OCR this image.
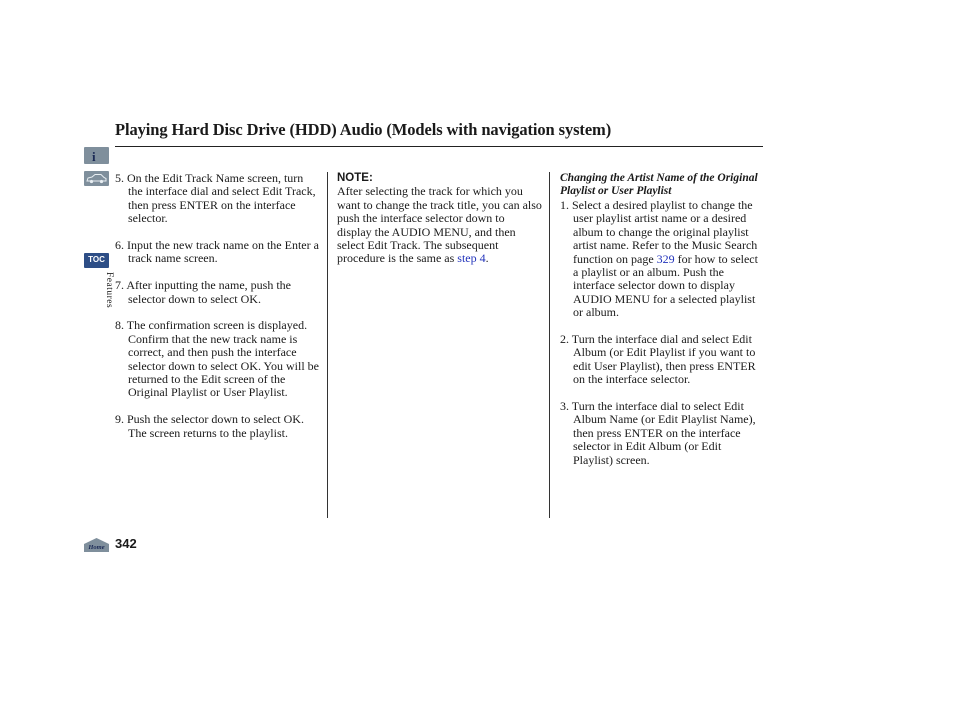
Playing Hard Disc Drive (HDD) Audio (Models with navigation system)
i
TOC
Features
5. On the Edit Track Name screen, turn the interface dial and select Edit Track, then press ENTER on the interface selector.
6. Input the new track name on the Enter a track name screen.
7. After inputting the name, push the selector down to select OK.
8. The confirmation screen is displayed. Confirm that the new track name is correct, and then push the interface selector down to select OK. You will be returned to the Edit screen of the Original Playlist or User Playlist.
9. Push the selector down to select OK. The screen returns to the playlist.
NOTE:
After selecting the track for which you want to change the track title, you can also push the interface selector down to display the AUDIO MENU, and then select Edit Track. The subsequent procedure is the same as step 4.
Changing the Artist Name of the Original Playlist or User Playlist
1. Select a desired playlist to change the user playlist artist name or a desired album to change the original playlist artist name. Refer to the Music Search function on page 329 for how to select a playlist or an album. Push the interface selector down to display AUDIO MENU for a selected playlist or album.
2. Turn the interface dial and select Edit Album (or Edit Playlist if you want to edit User Playlist), then press ENTER on the interface selector.
3. Turn the interface dial to select Edit Album Name (or Edit Playlist Name), then press ENTER on the interface selector in Edit Album (or Edit Playlist) screen.
Home 342
